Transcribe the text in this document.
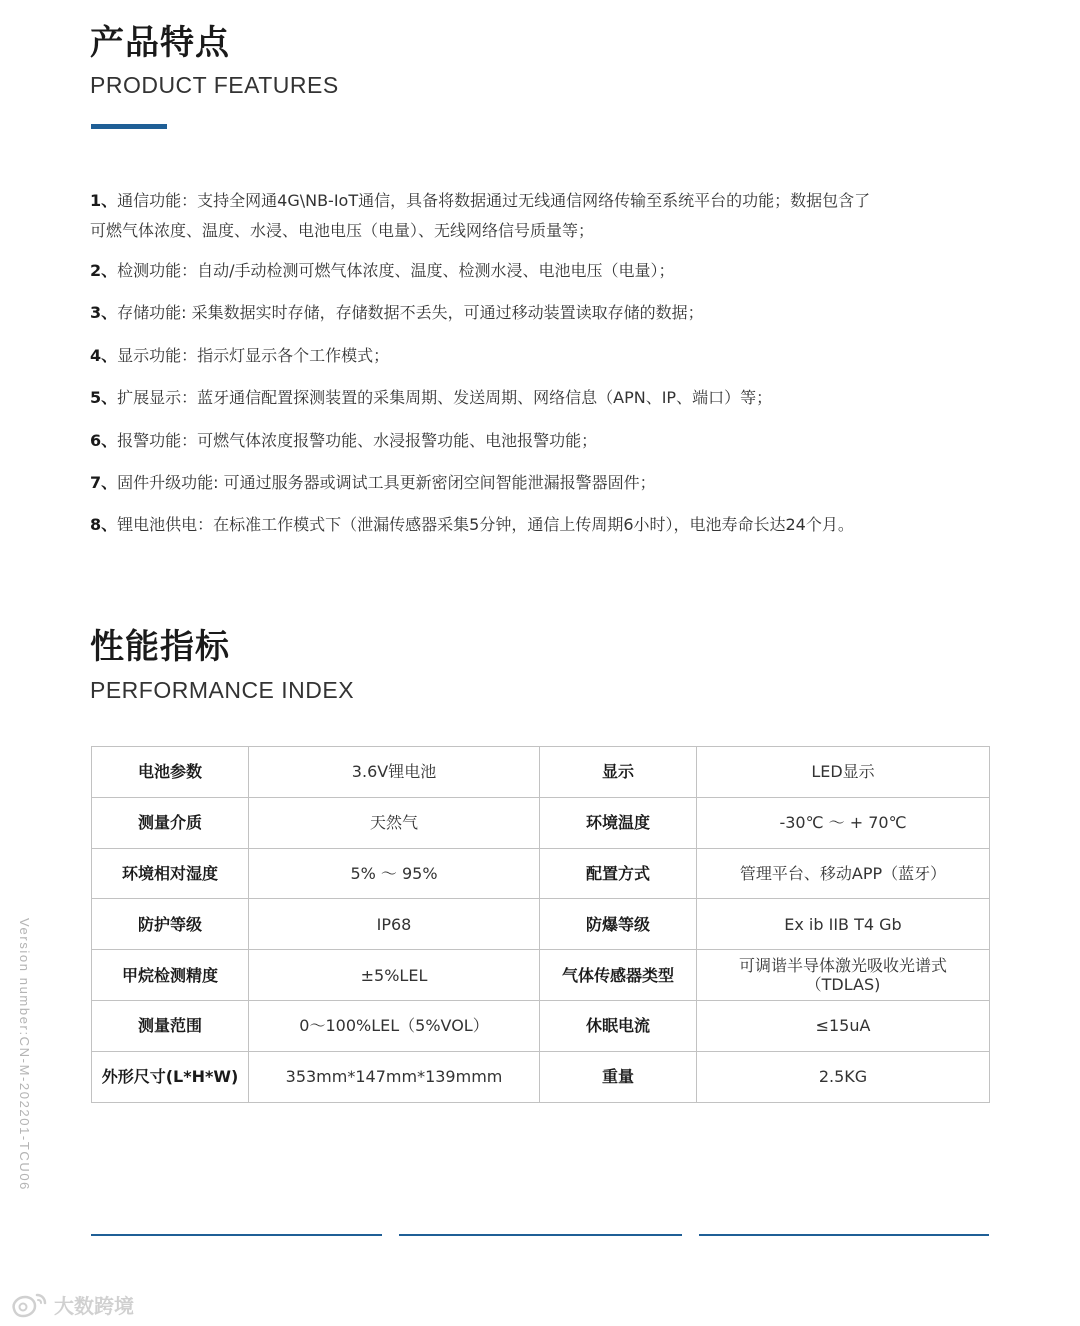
产品特点
PRODUCT FEATURES
1、通信功能：支持全网通4G\NB-IoT通信，具备将数据通过无线通信网络传输至系统平台的功能；数据包含了
可燃气体浓度、温度、水浸、电池电压（电量）、无线网络信号质量等；
2、检测功能：自动/手动检测可燃气体浓度、温度、检测水浸、电池电压（电量）；
3、存储功能: 采集数据实时存储，存储数据不丢失，可通过移动装置读取存储的数据；
4、显示功能：指示灯显示各个工作模式；
5、扩展显示：蓝牙通信配置探测装置的采集周期、发送周期、网络信息（APN、IP、端口）等；
6、报警功能：可燃气体浓度报警功能、水浸报警功能、电池报警功能；
7、固件升级功能: 可通过服务器或调试工具更新密闭空间智能泄漏报警器固件；
8、锂电池供电：在标准工作模式下（泄漏传感器采集5分钟，通信上传周期6小时），电池寿命长达24个月。
性能指标
PERFORMANCE INDEX
电池参数	3.6V锂电池	显示	LED显示
测量介质	天然气	环境温度	-30℃ ～ + 70℃
环境相对湿度	5% ～ 95%	配置方式	管理平台、移动APP（蓝牙）
防护等级	IP68	防爆等级	Ex ib IIB T4 Gb
甲烷检测精度	±5%LEL	气体传感器类型	可调谐半导体激光吸收光谱式（TDLAS)
测量范围	0～100%LEL（5%VOL）	休眠电流	≤15uA
外形尺寸(L*H*W)	353mm*147mm*139mmm	重量	2.5KG
Version number:CN-M-202201-TCU06
大数跨境
